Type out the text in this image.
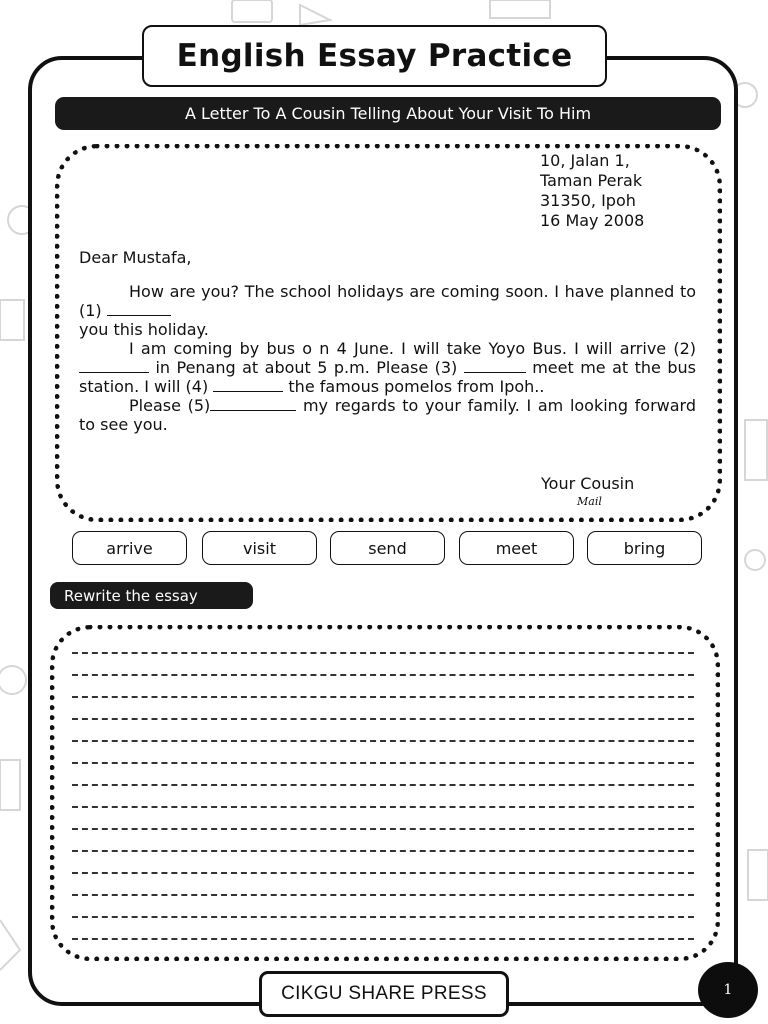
English Essay Practice
A Letter To A Cousin Telling About Your Visit To Him
10, Jalan 1,
Taman Perak
31350, Ipoh
16 May 2008

Dear Mustafa,

How are you? The school holidays are coming soon. I have planned to (1)
you this holiday.

I am coming by bus o n 4 June. I will take Yoyo Bus. I will arrive (2)  in Penang at about 5 p.m. Please (3)	meet me at the bus station. I will (4)	the famous pomelos from Ipoh..

Please (5)	my regards to your family. I am looking forward to see you.

Your Cousin
Mail
arrive	visit	send	meet	bring
Rewrite the essay
CIKGU SHARE PRESS	1
